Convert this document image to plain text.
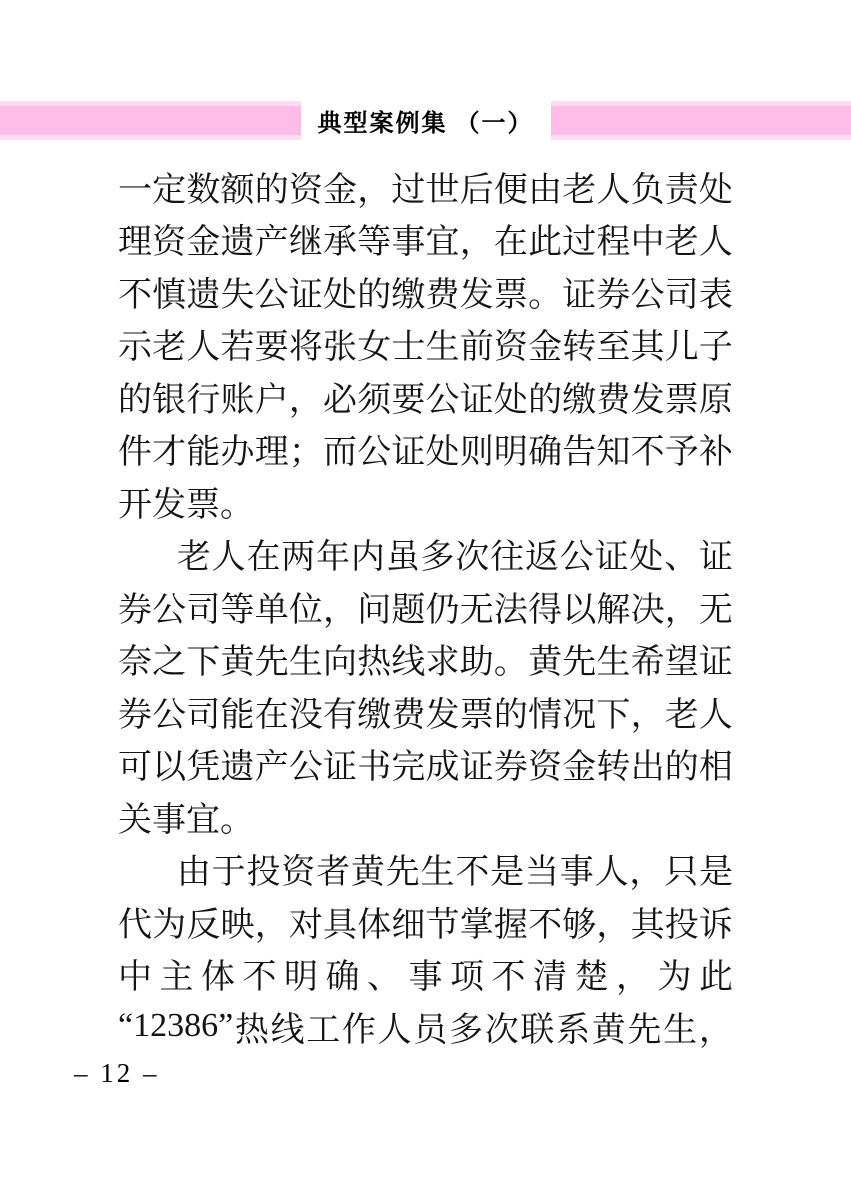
典型案例集 （一）
一 定 数 额 的 资 金 ， 过 世 后 便 由 老 人 负 责 处
理 资 金 遗 产 继 承 等 事 宜 ， 在 此 过 程 中 老 人
不 慎 遗 失 公 证 处 的 缴 费 发 票 。 证 券 公 司 表
示 老 人 若 要 将 张 女 士 生 前 资 金 转 至 其 儿 子
的 银 行 账 户 ， 必 须 要 公 证 处 的 缴 费 发 票 原
件 才 能 办 理 ； 而 公 证 处 则 明 确 告 知 不 予 补
开 发 票 。
老 人 在 两 年 内 虽 多 次 往 返 公 证 处 、 证
券 公 司 等 单 位 ， 问 题 仍 无 法 得 以 解 决 ， 无
奈 之 下 黄 先 生 向 热 线 求 助 。 黄 先 生 希 望 证
券 公 司 能 在 没 有 缴 费 发 票 的 情 况 下 ， 老 人
可 以 凭 遗 产 公 证 书 完 成 证 券 资 金 转 出 的 相
关 事 宜 。
由 于 投 资 者 黄 先 生 不 是 当 事 人 ， 只 是
代 为 反 映 ， 对 具 体 细 节 掌 握 不 够 ， 其 投 诉
中 主 体 不 明 确 、 事 项 不 清 楚 ， 为 此
“12386” 热 线 工 作 人 员 多 次 联 系 黄 先 生 ，
– 12 –
